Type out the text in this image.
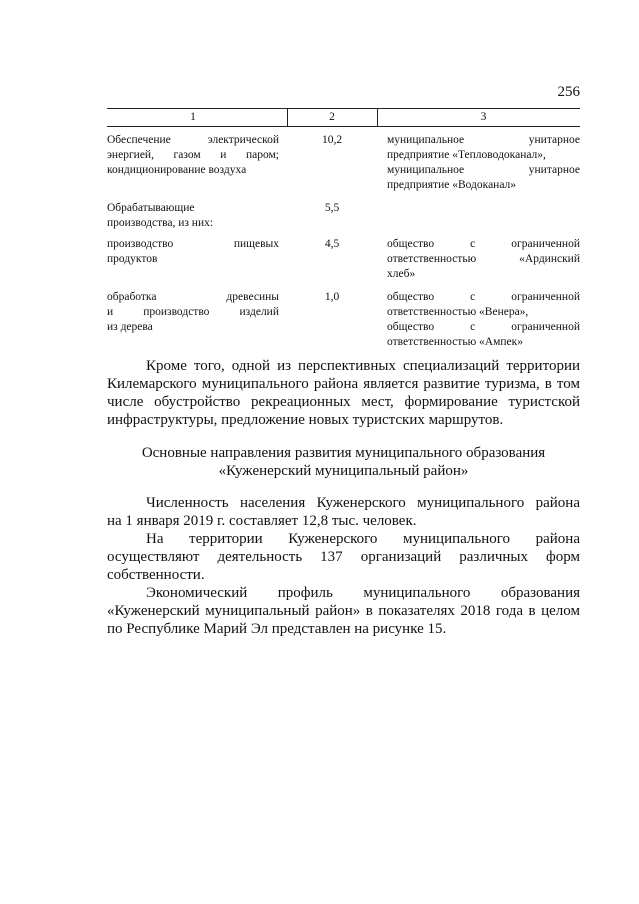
256
1	2	3
Обеспечение электрической
энергией, газом и паром;
кондиционирование воздуха
10,2	муниципальное унитарное
предприятие «Тепловодоканал»,
муниципальное унитарное
предприятие «Водоканал»
Обрабатывающие
производства, из них:
5,5
производство пищевых
продуктов
4,5	общество с ограниченной
ответственностью «Ардинский
хлеб»
обработка древесины
и производство изделий
из дерева
1,0	общество с ограниченной
ответственностью «Венера»,
общество с ограниченной
ответственностью «Ампек»

Кроме того, одной из перспективных специализаций территории
Килемарского муниципального района является развитие туризма, в том
числе обустройство рекреационных мест, формирование туристской
инфраструктуры, предложение новых туристских маршрутов.

Основные направления развития муниципального образования
«Куженерский муниципальный район»

Численность населения Куженерского муниципального района
на 1 января 2019 г. составляет 12,8 тыс. человек.

На территории Куженерского муниципального района
осуществляют деятельность 137 организаций различных форм
собственности.

Экономический профиль муниципального образования
«Куженерский муниципальный район» в показателях 2018 года в целом
по Республике Марий Эл представлен на рисунке 15.
